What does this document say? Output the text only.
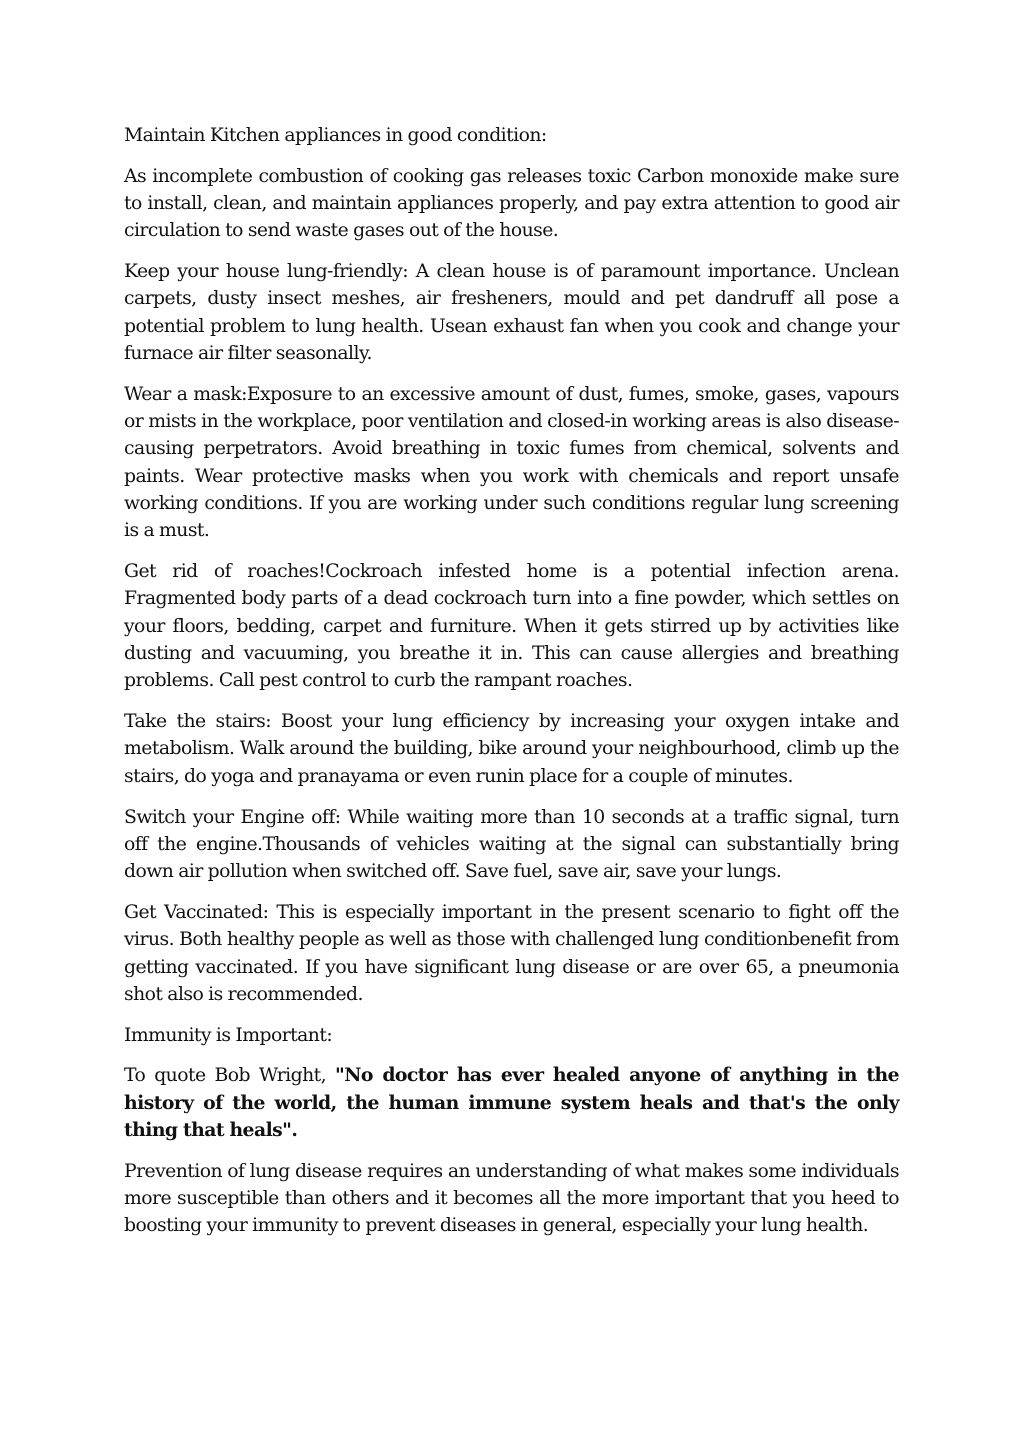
Maintain Kitchen appliances in good condition:

As incomplete combustion of cooking gas releases toxic Carbon monoxide make sure to install, clean, and maintain appliances properly, and pay extra attention to good air circulation to send waste gases out of the house.

Keep your house lung-friendly: A clean house is of paramount importance. Unclean carpets, dusty insect meshes, air fresheners, mould and pet dandruff all pose a potential problem to lung health. Usean exhaust fan when you cook and change your furnace air filter seasonally.

Wear a mask:Exposure to an excessive amount of dust, fumes, smoke, gases, vapours or mists in the workplace, poor ventilation and closed-in working areas is also disease-causing perpetrators. Avoid breathing in toxic fumes from chemical, solvents and paints. Wear protective masks when you work with chemicals and report unsafe working conditions. If you are working under such conditions regular lung screening is a must.

Get rid of roaches!Cockroach infested home is a potential infection arena. Fragmented body parts of a dead cockroach turn into a fine powder, which settles on your floors, bedding, carpet and furniture. When it gets stirred up by activities like dusting and vacuuming, you breathe it in. This can cause allergies and breathing problems. Call pest control to curb the rampant roaches.

Take the stairs: Boost your lung efficiency by increasing your oxygen intake and metabolism. Walk around the building, bike around your neighbourhood, climb up the stairs, do yoga and pranayama or even runin place for a couple of minutes.

Switch your Engine off: While waiting more than 10 seconds at a traffic signal, turn off the engine.Thousands of vehicles waiting at the signal can substantially bring down air pollution when switched off. Save fuel, save air, save your lungs.

Get Vaccinated: This is especially important in the present scenario to fight off the virus. Both healthy people as well as those with challenged lung conditionbenefit from getting vaccinated. If you have significant lung disease or are over 65, a pneumonia shot also is recommended.

Immunity is Important:

To quote Bob Wright, "No doctor has ever healed anyone of anything in the history of the world, the human immune system heals and that's the only thing that heals".

Prevention of lung disease requires an understanding of what makes some individuals more susceptible than others and it becomes all the more important that you heed to boosting your immunity to prevent diseases in general, especially your lung health.
